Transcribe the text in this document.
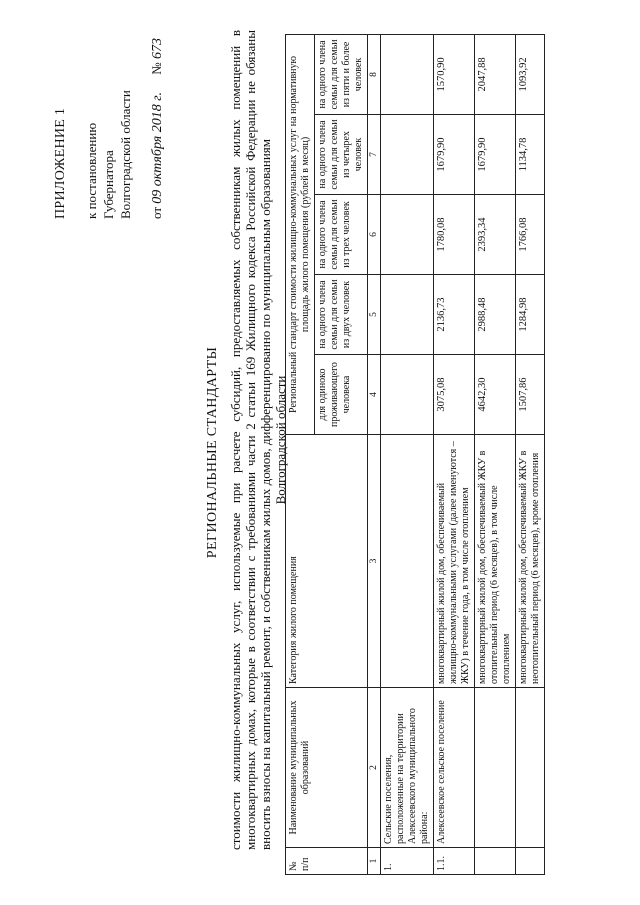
ПРИЛОЖЕНИЕ 1 к постановлению Губернатора Волгоградской области от 09 октября 2018 г. № 673
РЕГИОНАЛЬНЫЕ СТАНДАРТЫ стоимости жилищно-коммунальных услуг, используемые при расчете субсидий, предоставляемых собственникам жилых помещений в многоквартирных домах, которые в соответствии с требованиями части 2 статьи 169 Жилищного кодекса Российской Федерации не обязаны вносить взносы на капитальный ремонт, и собственникам жилых домов, дифференцированно по муниципальным образованиям Волгоградской области
№ п/п	Наименование муниципальных образований	Категория жилого помещения	Региональный стандарт стоимости жилищно-коммунальных услуг на нормативную площадь жилого помещения (рублей в месяц)				
			для одиноко проживающего человека	на одного члена семьи для семьи из двух человек	на одного члена семьи для семьи из трех человек	на одного члена семьи для семьи из четырех человек	на одного члена семьи для семьи из пяти и более человек
1	2	3	4	5	6	7	8
1.	Сельские поселения, расположенные на территории Алексеевского муниципального района:						
1.1.	Алексеевское сельское поселение	многоквартирный жилой дом, обеспечиваемый жилищно-коммунальными услугами (далее именуются – ЖКУ) в течение года, в том числе отоплением	3075,08	2136,73	1780,08	1679,90	1570,90
		многоквартирный жилой дом, обеспечиваемый ЖКУ в отопительный период (6 месяцев), в том числе отоплением	4642,30	2988,48	2393,34	1679,90	2047,88
		многоквартирный жилой дом, обеспечиваемый ЖКУ в неотопительный период (6 месяцев), кроме отопления	1507,86	1284,98	1766,08	1134,78	1093,92
